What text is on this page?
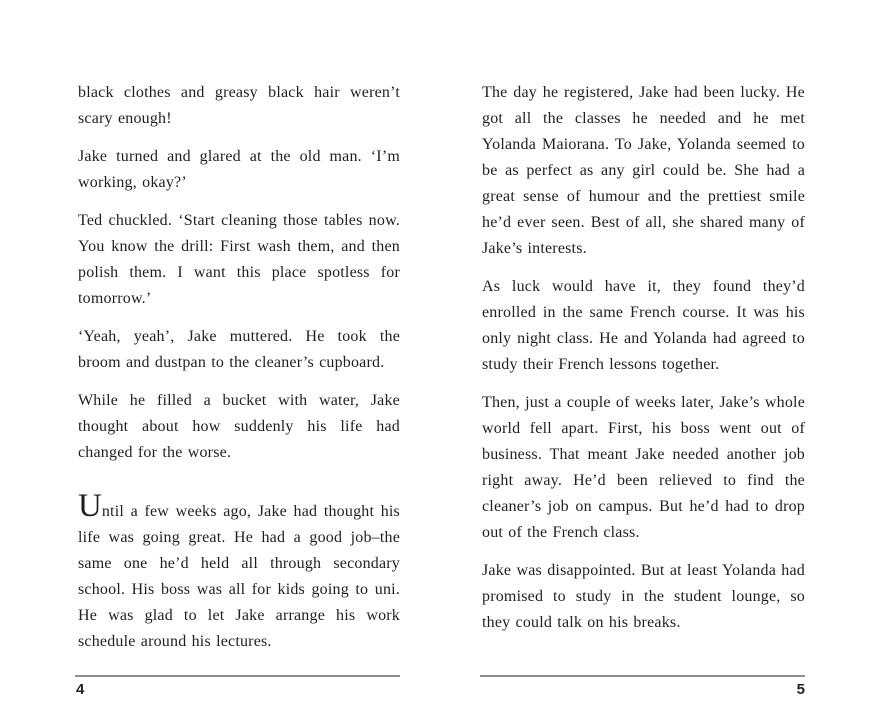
black clothes and greasy black hair weren’t scary enough!

Jake turned and glared at the old man. ‘I’m working, okay?’

Ted chuckled. ‘Start cleaning those tables now. You know the drill: First wash them, and then polish them. I want this place spotless for tomorrow.’

‘Yeah, yeah’, Jake muttered. He took the broom and dustpan to the cleaner’s cupboard.

While he filled a bucket with water, Jake thought about how suddenly his life had changed for the worse.

Until a few weeks ago, Jake had thought his life was going great. He had a good job–the same one he’d held all through secondary school. His boss was all for kids going to uni. He was glad to let Jake arrange his work schedule around his lectures.

The day he registered, Jake had been lucky. He got all the classes he needed and he met Yolanda Maiorana. To Jake, Yolanda seemed to be as perfect as any girl could be. She had a great sense of humour and the prettiest smile he’d ever seen. Best of all, she shared many of Jake’s interests.

As luck would have it, they found they’d enrolled in the same French course. It was his only night class. He and Yolanda had agreed to study their French lessons together.

Then, just a couple of weeks later, Jake’s whole world fell apart. First, his boss went out of business. That meant Jake needed another job right away. He’d been relieved to find the cleaner’s job on campus. But he’d had to drop out of the French class.

Jake was disappointed. But at least Yolanda had promised to study in the student lounge, so they could talk on his breaks.

4	5
